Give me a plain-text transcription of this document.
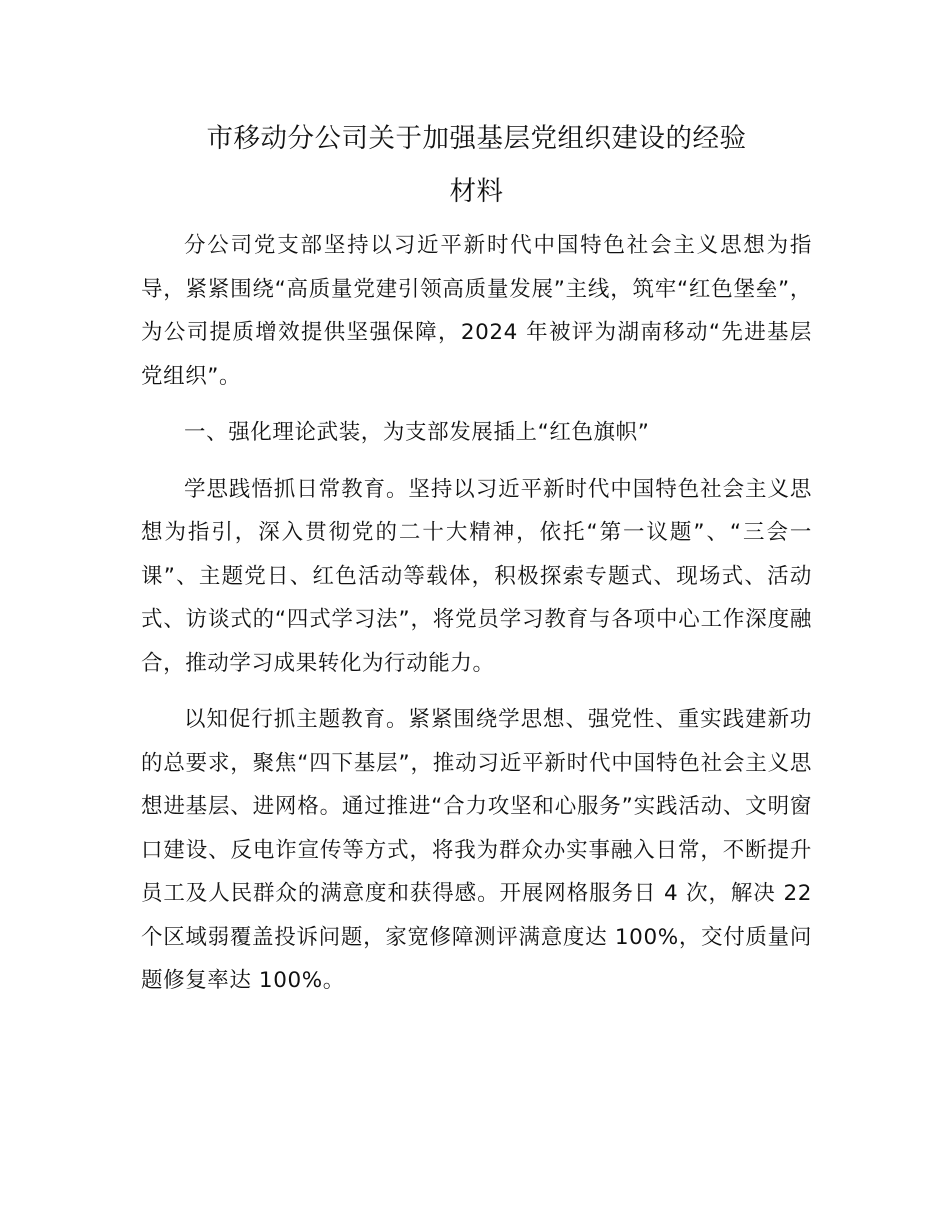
市移动分公司关于加强基层党组织建设的经验
材料

分公司党支部坚持以习近平新时代中国特色社会主义思想为指导，紧紧围绕“高质量党建引领高质量发展”主线，筑牢“红色堡垒”，为公司提质增效提供坚强保障，2024 年被评为湖南移动“先进基层党组织”。

一、强化理论武装，为支部发展插上“红色旗帜”

学思践悟抓日常教育。坚持以习近平新时代中国特色社会主义思想为指引，深入贯彻党的二十大精神，依托“第一议题”、“三会一课”、主题党日、红色活动等载体，积极探索专题式、现场式、活动式、访谈式的“四式学习法”，将党员学习教育与各项中心工作深度融合，推动学习成果转化为行动能力。

以知促行抓主题教育。紧紧围绕学思想、强党性、重实践建新功的总要求，聚焦“四下基层”，推动习近平新时代中国特色社会主义思想进基层、进网格。通过推进“合力攻坚和心服务”实践活动、文明窗口建设、反电诈宣传等方式，将我为群众办实事融入日常，不断提升员工及人民群众的满意度和获得感。开展网格服务日 4 次，解决 22 个区域弱覆盖投诉问题，家宽修障测评满意度达 100%，交付质量问题修复率达 100%。
